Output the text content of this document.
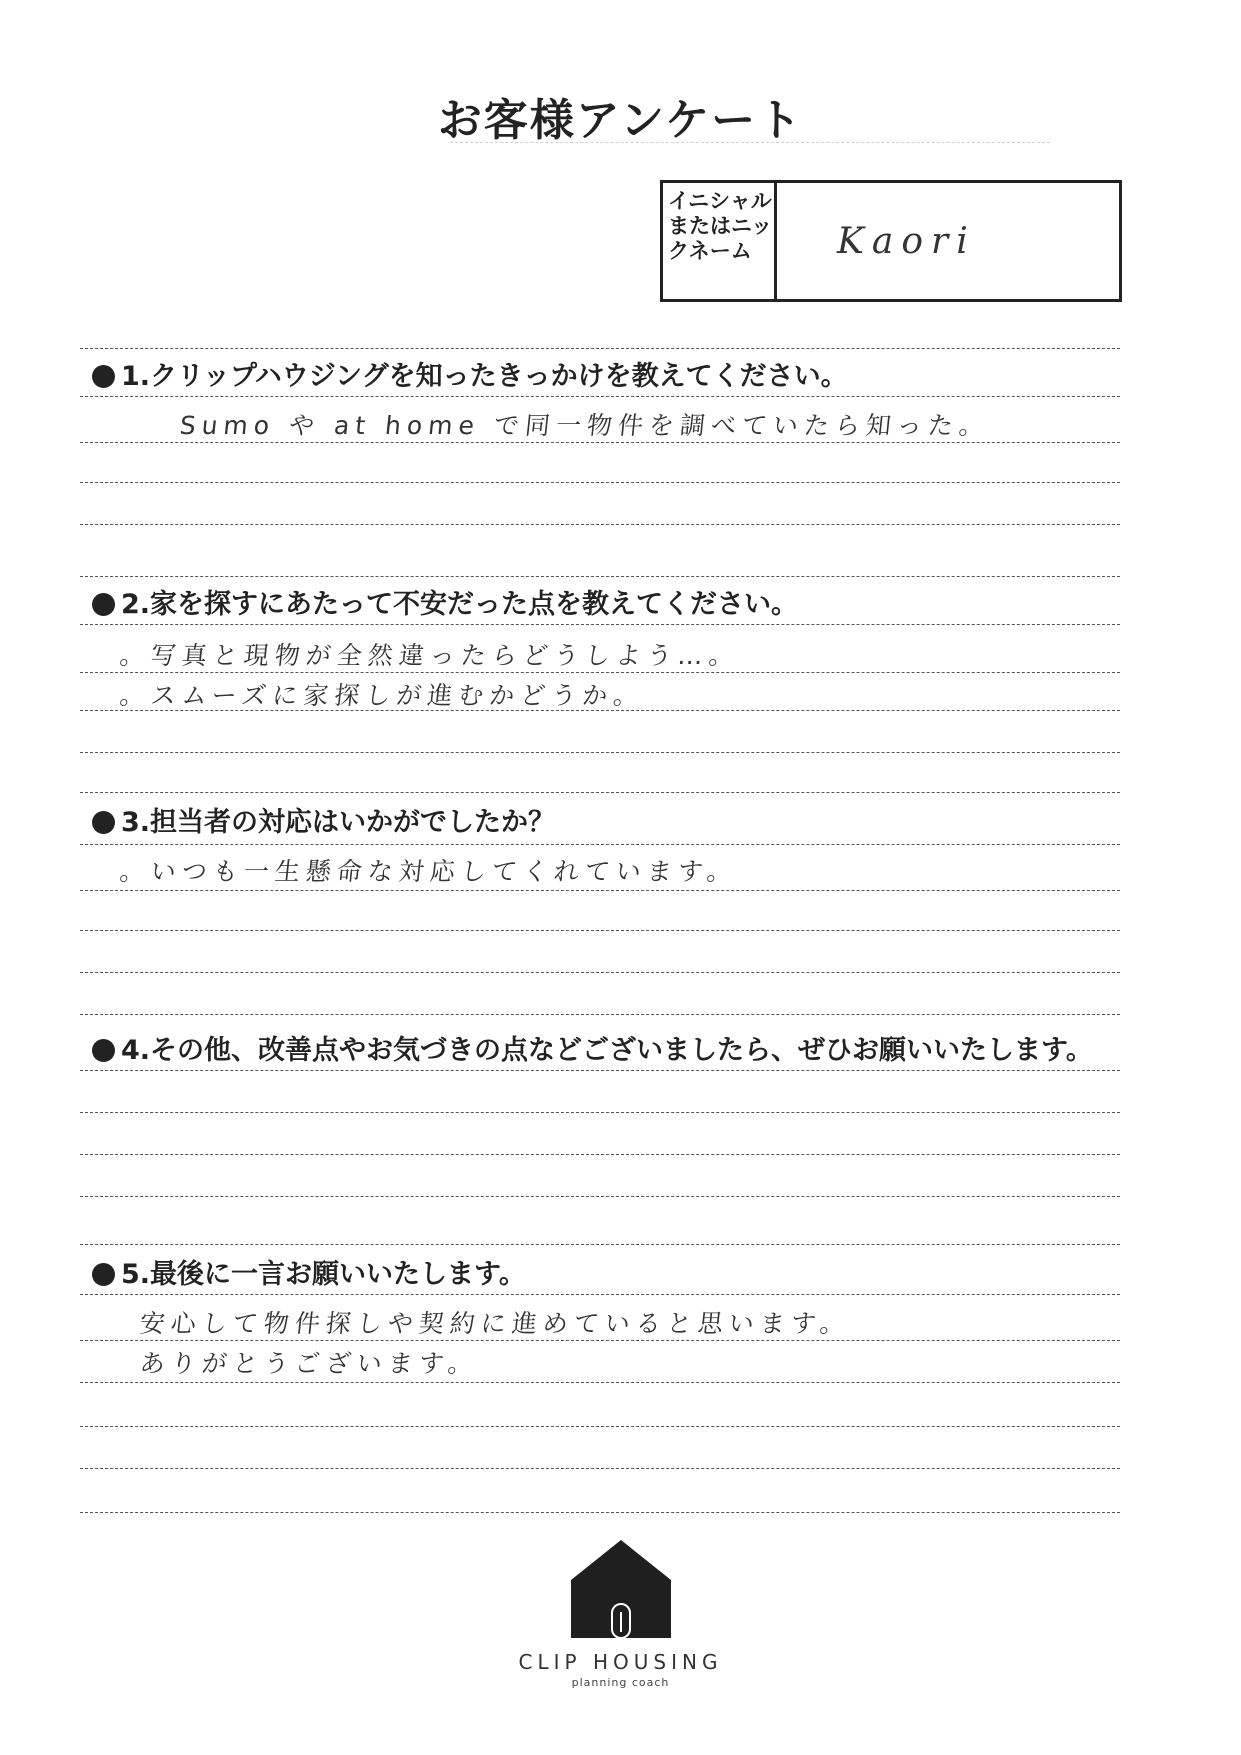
お客様アンケート
イニシャルまたはニックネーム	Kaori
1.クリップハウジングを知ったきっかけを教えてください。
Sumo や at home で同一物件を調べていたら知った。
2.家を探すにあたって不安だった点を教えてください。
。写真と現物が全然違ったらどうしよう…。
。スムーズに家探しが進むかどうか。
3.担当者の対応はいかがでしたか？
。いつも一生懸命な対応してくれています。
4.その他、改善点やお気づきの点などございましたら、ぜひお願いいたします。
5.最後に一言お願いいたします。
安心して物件探しや契約に進めていると思います。
ありがとうございます。
CLIP HOUSING
planning coach
